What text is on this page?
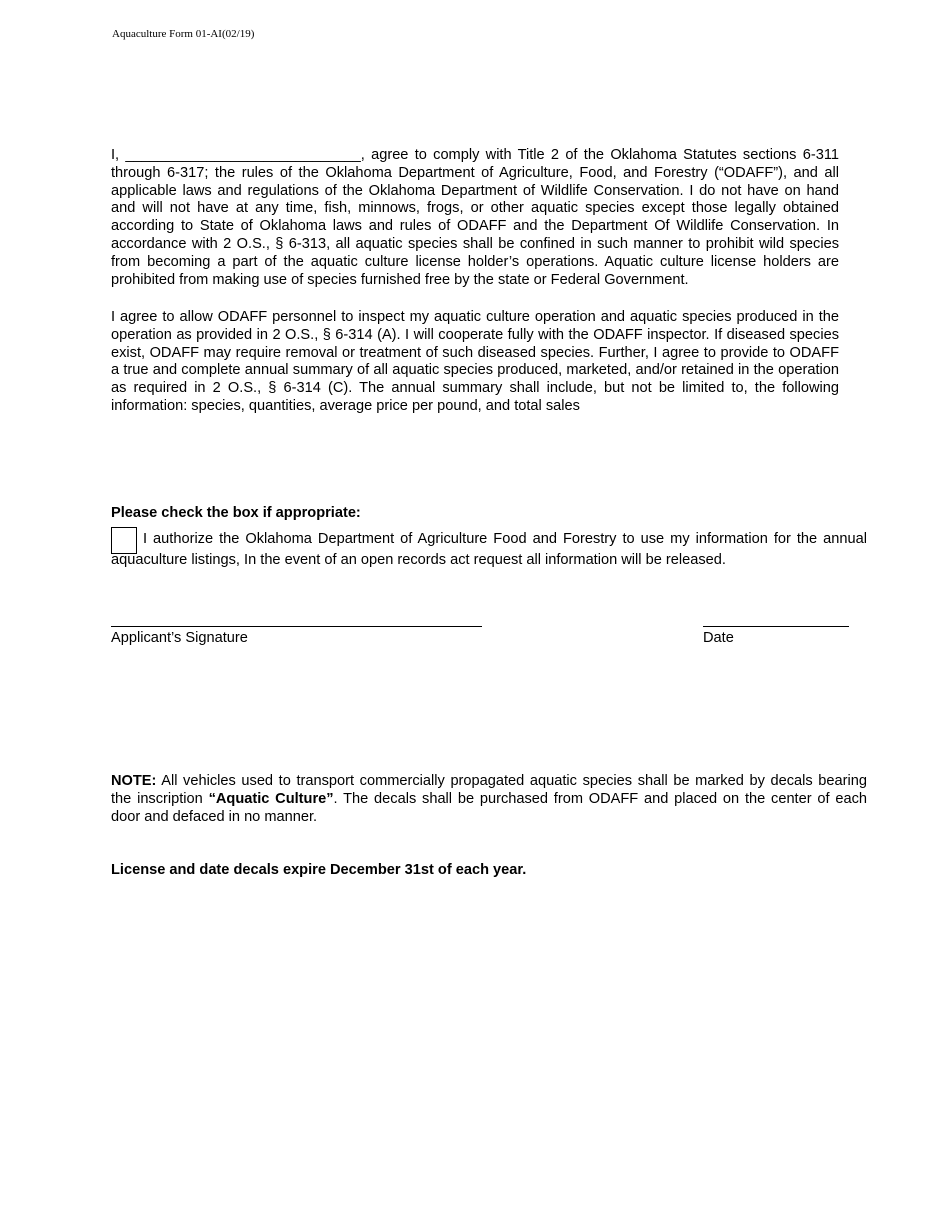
Aquaculture Form 01-AI(02/19)

I, _____________________________, agree to comply with Title 2 of the Oklahoma Statutes sections 6-311 through 6-317; the rules of the Oklahoma Department of Agriculture, Food, and Forestry (“ODAFF”), and all applicable laws and regulations of the Oklahoma Department of Wildlife Conservation. I do not have on hand and will not have at any time, fish, minnows, frogs, or other aquatic species except those legally obtained according to State of Oklahoma laws and rules of ODAFF and the Department Of Wildlife Conservation. In accordance with 2 O.S., § 6-313, all aquatic species shall be confined in such manner to prohibit wild species from becoming a part of the aquatic culture license holder’s operations. Aquatic culture license holders are prohibited from making use of species furnished free by the state or Federal Government.

I agree to allow ODAFF personnel to inspect my aquatic culture operation and aquatic species produced in the operation as provided in 2 O.S., § 6-314 (A). I will cooperate fully with the ODAFF inspector. If diseased species exist, ODAFF may require removal or treatment of such diseased species. Further, I agree to provide to ODAFF a true and complete annual summary of all aquatic species produced, marketed, and/or retained in the operation as required in 2 O.S., § 6-314 (C). The annual summary shall include, but not be limited to, the following information: species, quantities, average price per pound, and total sales

Please check the box if appropriate:

I authorize the Oklahoma Department of Agriculture Food and Forestry to use my information for the annual aquaculture listings, In the event of an open records act request all information will be released.

Applicant’s Signature	Date

NOTE: All vehicles used to transport commercially propagated aquatic species shall be marked by decals bearing the inscription “Aquatic Culture”. The decals shall be purchased from ODAFF and placed on the center of each door and defaced in no manner.

License and date decals expire December 31st of each year.
